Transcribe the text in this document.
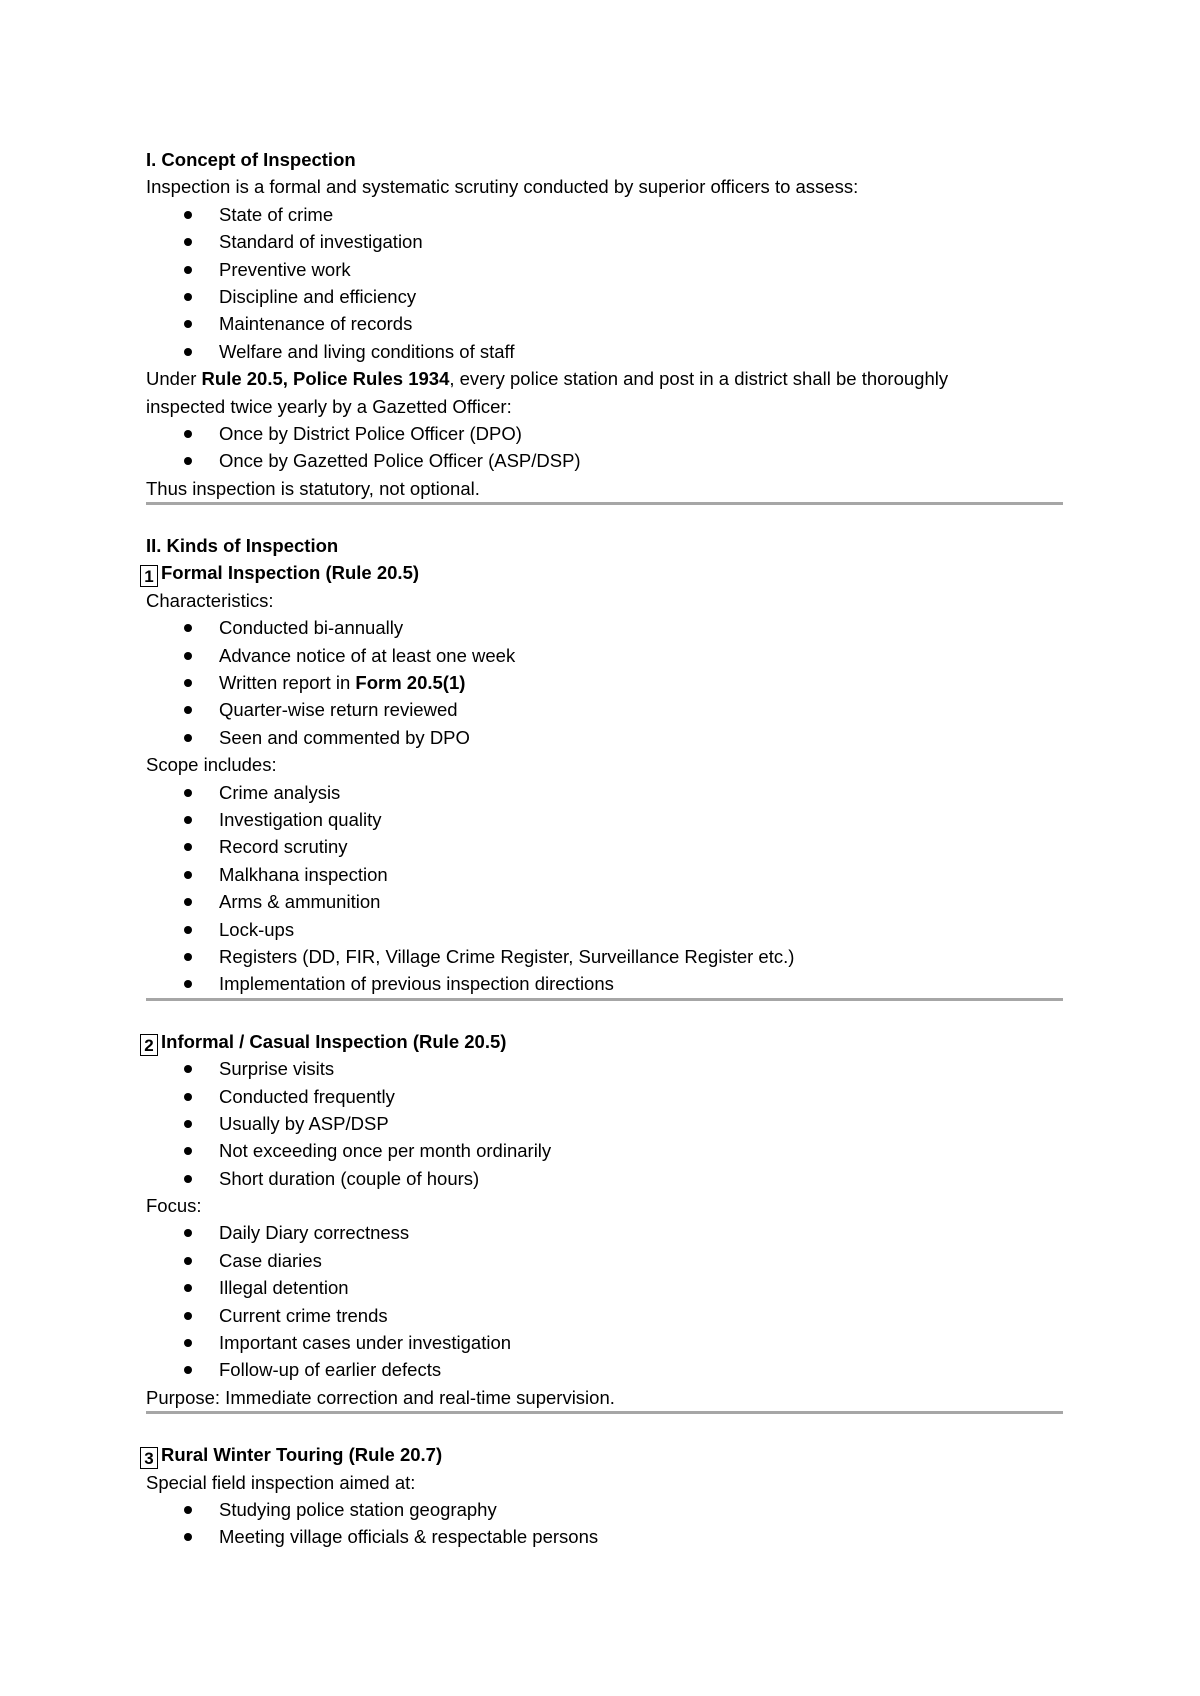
I. Concept of Inspection
Inspection is a formal and systematic scrutiny conducted by superior officers to assess:
State of crime
Standard of investigation
Preventive work
Discipline and efficiency
Maintenance of records
Welfare and living conditions of staff
Under Rule 20.5, Police Rules 1934, every police station and post in a district shall be thoroughly
inspected twice yearly by a Gazetted Officer:
Once by District Police Officer (DPO)
Once by Gazetted Police Officer (ASP/DSP)
Thus inspection is statutory, not optional.
II. Kinds of Inspection
1 Formal Inspection (Rule 20.5)
Characteristics:
Conducted bi-annually
Advance notice of at least one week
Written report in Form 20.5(1)
Quarter-wise return reviewed
Seen and commented by DPO
Scope includes:
Crime analysis
Investigation quality
Record scrutiny
Malkhana inspection
Arms & ammunition
Lock-ups
Registers (DD, FIR, Village Crime Register, Surveillance Register etc.)
Implementation of previous inspection directions
2 Informal / Casual Inspection (Rule 20.5)
Surprise visits
Conducted frequently
Usually by ASP/DSP
Not exceeding once per month ordinarily
Short duration (couple of hours)
Focus:
Daily Diary correctness
Case diaries
Illegal detention
Current crime trends
Important cases under investigation
Follow-up of earlier defects
Purpose: Immediate correction and real-time supervision.
3 Rural Winter Touring (Rule 20.7)
Special field inspection aimed at:
Studying police station geography
Meeting village officials & respectable persons
